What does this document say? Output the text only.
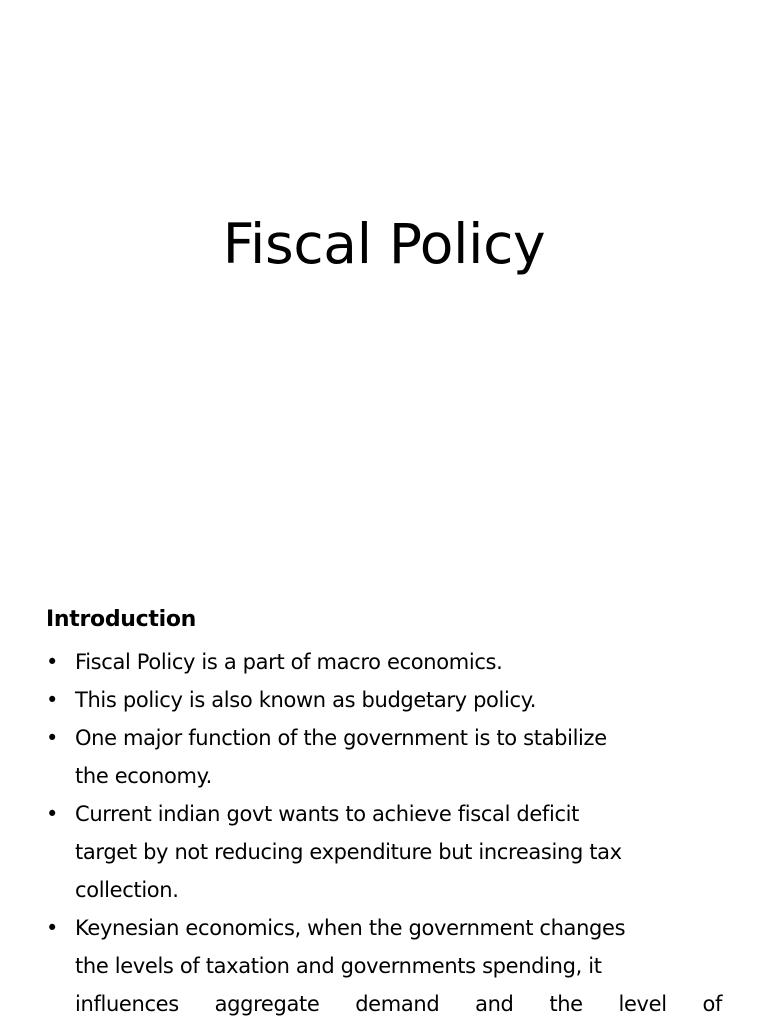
Fiscal Policy
Introduction
• Fiscal Policy is a part of macro economics.
• This policy is also known as budgetary policy.
• One major function of the government is to stabilize
the economy.
• Current indian govt wants to achieve fiscal deficit
target by not reducing expenditure but increasing tax
collection.
• Keynesian economics, when the government changes
the levels of taxation and governments spending, it
influences aggregate demand and the level of
